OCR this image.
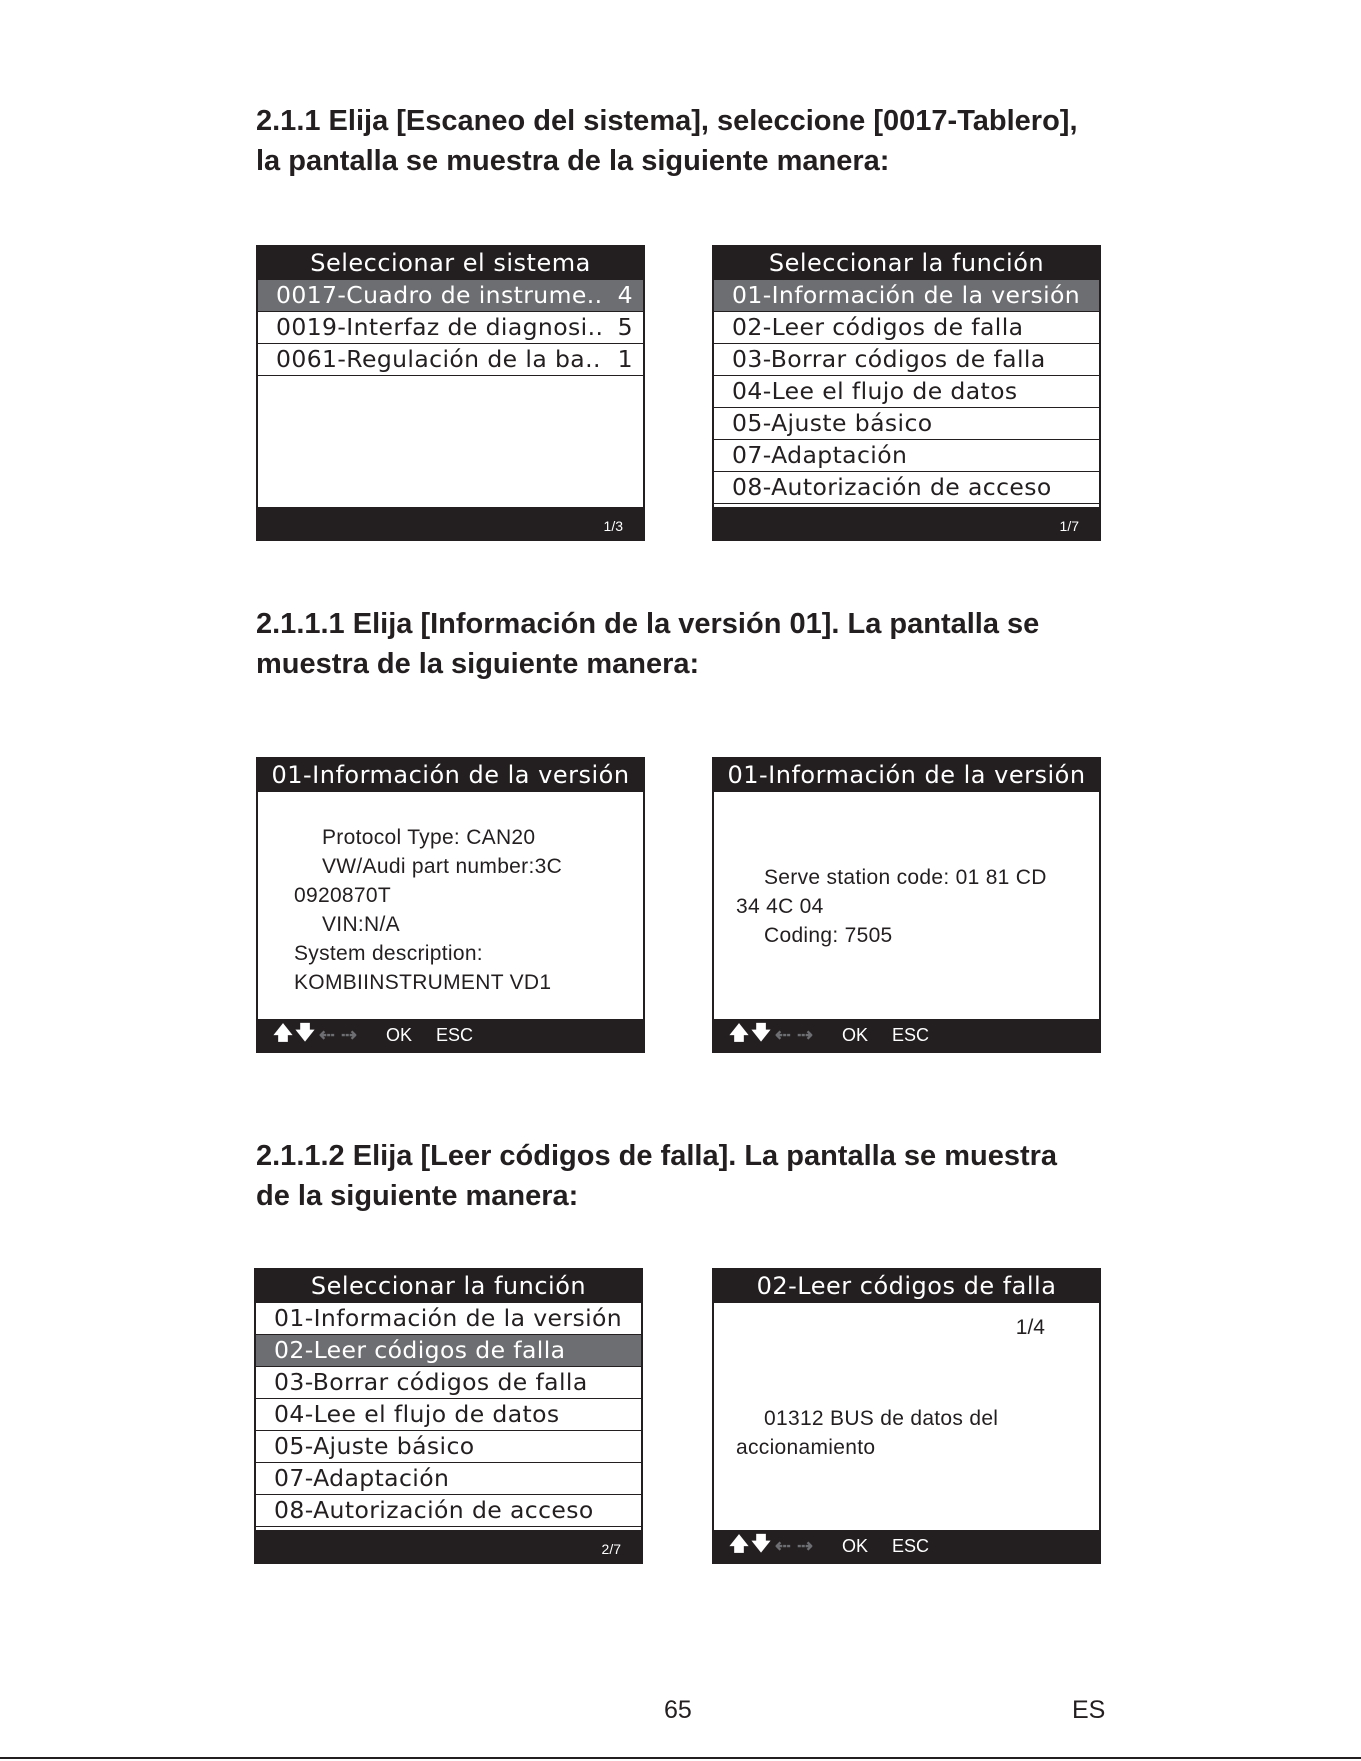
2.1.1 Elija [Escaneo del sistema], seleccione [0017-Tablero],
la pantalla se muestra de la siguiente manera:
2.1.1.1 Elija [Información de la versión 01]. La pantalla se
muestra de la siguiente manera:
2.1.1.2 Elija [Leer códigos de falla]. La pantalla se muestra
de la siguiente manera:
Seleccionar el sistema
0017-Cuadro de instrume.. 4
0019-Interfaz de diagnosi.. 5
0061-Regulación de la ba.. 1
1/3
Seleccionar la función
01-Información de la versión
02-Leer códigos de falla
03-Borrar códigos de falla
04-Lee el flujo de datos
05-Ajuste básico
07-Adaptación
08-Autorización de acceso
1/7
01-Información de la versión
Protocol Type: CAN20
VW/Audi part number:3C
0920870T
VIN:N/A
System description:
KOMBIINSTRUMENT VD1
🡅 🡇 ⇠ ⇢ OK ESC
01-Información de la versión
Serve station code: 01 81 CD
34 4C 04
Coding: 7505
🡅 🡇 ⇠ ⇢ OK ESC
Seleccionar la función
01-Información de la versión
02-Leer códigos de falla
03-Borrar códigos de falla
04-Lee el flujo de datos
05-Ajuste básico
07-Adaptación
08-Autorización de acceso
2/7
02-Leer códigos de falla
1/4
01312 BUS de datos del
accionamiento
🡅 🡇 ⇠ ⇢ OK ESC
65	ES
